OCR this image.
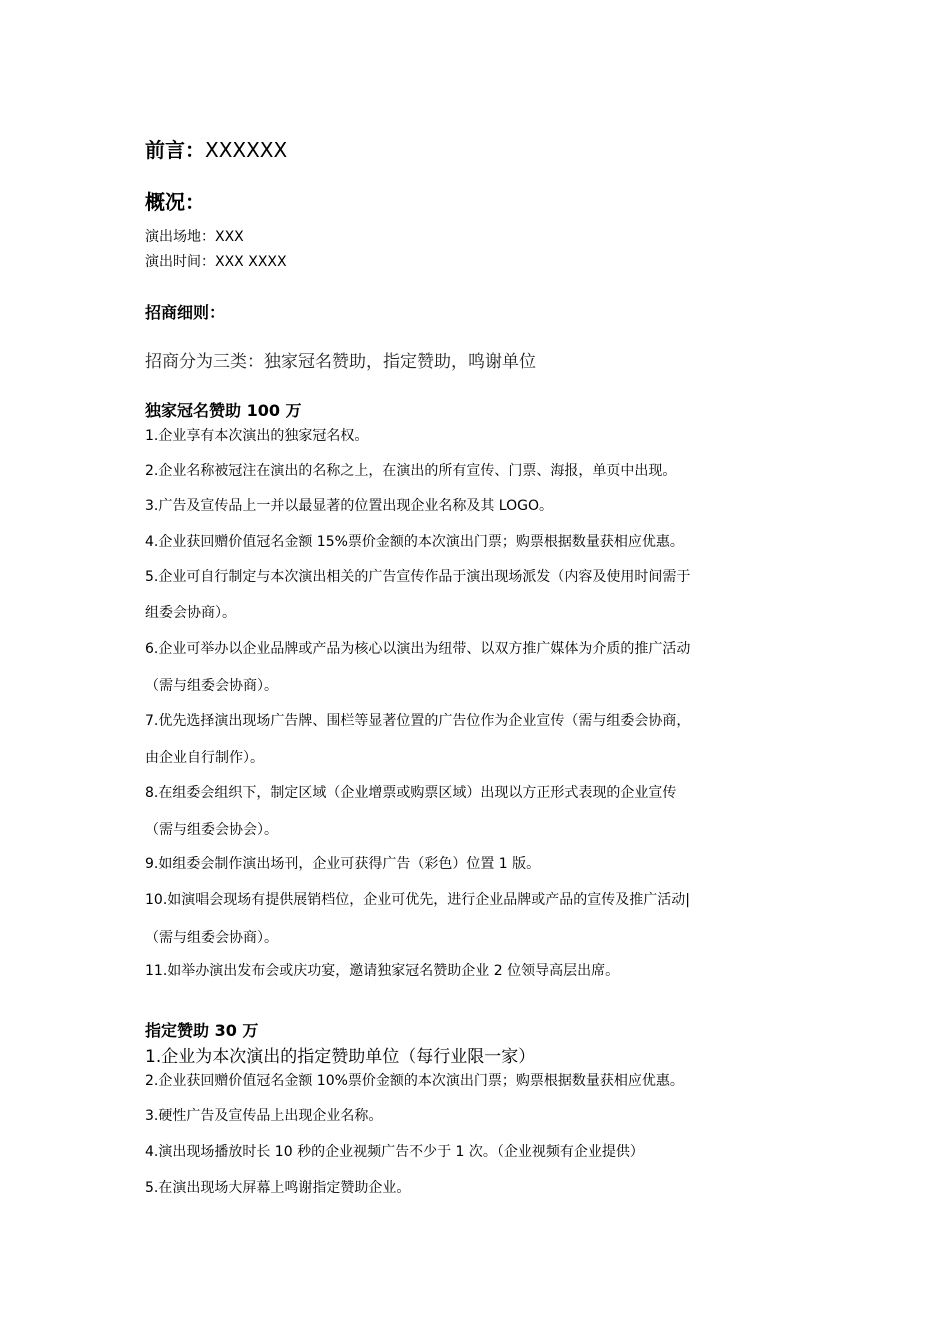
前言：XXXXXX
概况：
演出场地：XXX
演出时间：XXX XXXX
招商细则：
招商分为三类：独家冠名赞助，指定赞助，鸣谢单位
独家冠名赞助 100 万
1.企业享有本次演出的独家冠名权。
2.企业名称被冠注在演出的名称之上，在演出的所有宣传、门票、海报，单页中出现。
3.广告及宣传品上一并以最显著的位置出现企业名称及其 LOGO。
4.企业获回赠价值冠名金额 15%票价金额的本次演出门票；购票根据数量获相应优惠。
5.企业可自行制定与本次演出相关的广告宣传作品于演出现场派发（内容及使用时间需于
组委会协商）。
6.企业可举办以企业品牌或产品为核心以演出为纽带、以双方推广媒体为介质的推广活动
（需与组委会协商）。
7.优先选择演出现场广告牌、围栏等显著位置的广告位作为企业宣传（需与组委会协商，
由企业自行制作）。
8.在组委会组织下，制定区域（企业增票或购票区域）出现以方正形式表现的企业宣传
（需与组委会协会）。
9.如组委会制作演出场刊，企业可获得广告（彩色）位置 1 版。
10.如演唱会现场有提供展销档位，企业可优先，进行企业品牌或产品的宣传及推广活动|
（需与组委会协商）。
11.如举办演出发布会或庆功宴，邀请独家冠名赞助企业 2 位领导高层出席。
指定赞助 30 万
1.企业为本次演出的指定赞助单位（每行业限一家）
2.企业获回赠价值冠名金额 10%票价金额的本次演出门票；购票根据数量获相应优惠。
3.硬性广告及宣传品上出现企业名称。
4.演出现场播放时长 10 秒的企业视频广告不少于 1 次。（企业视频有企业提供）
5.在演出现场大屏幕上鸣谢指定赞助企业。
